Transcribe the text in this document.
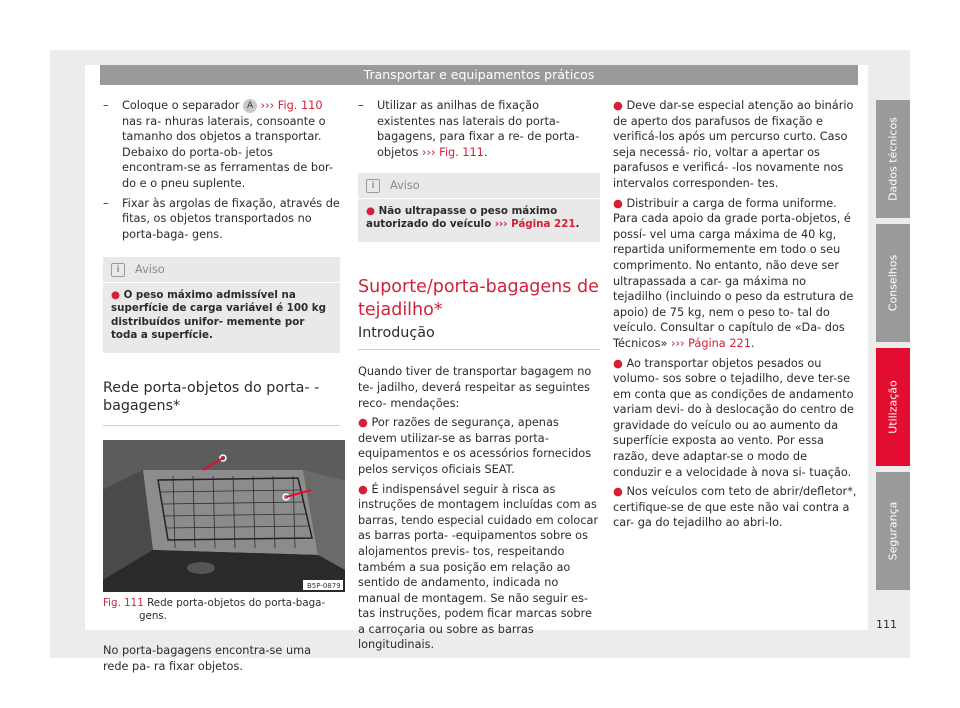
Transportar e equipamentos práticos
– Coloque o separador A ››› Fig. 110 nas ra- nhuras laterais, consoante o tamanho dos objetos a transportar. Debaixo do porta-ob- jetos encontram-se as ferramentas de bor- do e o pneu suplente.
– Fixar às argolas de fixação, através de fitas, os objetos transportados no porta-baga- gens.
i	Aviso
● O peso máximo admissível na superfície de carga variável é 100 kg distribuídos unifor- memente por toda a superfície.
Rede porta-objetos do porta- -bagagens*
B5P-0879
Fig. 111 Rede porta-objetos do porta-baga- gens.

No porta-bagagens encontra-se uma rede pa- ra fixar objetos.

– Utilizar as anilhas de fixação existentes nas laterais do porta-bagagens, para fixar a re- de porta-objetos ››› Fig. 111.
i	Aviso
● Não ultrapasse o peso máximo autorizado do veículo ››› Página 221.
Suporte/porta-bagagens de tejadilho*
Introdução

Quando tiver de transportar bagagem no te- jadilho, deverá respeitar as seguintes reco- mendações:

● Por razões de segurança, apenas devem utilizar-se as barras porta-equipamentos e os acessórios fornecidos pelos serviços oficiais SEAT.

● É indispensável seguir à risca as instruções de montagem incluídas com as barras, tendo especial cuidado em colocar as barras porta- -equipamentos sobre os alojamentos previs- tos, respeitando também a sua posição em relação ao sentido de andamento, indicada no manual de montagem. Se não seguir es- tas instruções, podem ficar marcas sobre a carroçaria ou sobre as barras longitudinais.

● Deve dar-se especial atenção ao binário de aperto dos parafusos de fixação e verificá-los após um percurso curto. Caso seja necessá- rio, voltar a apertar os parafusos e verificá- -los novamente nos intervalos corresponden- tes.

● Distribuir a carga de forma uniforme. Para cada apoio da grade porta-objetos, é possí- vel uma carga máxima de 40 kg, repartida uniformemente em todo o seu comprimento. No entanto, não deve ser ultrapassada a car- ga máxima no tejadilho (incluindo o peso da estrutura de apoio) de 75 kg, nem o peso to- tal do veículo. Consultar o capítulo de «Da- dos Técnicos» ››› Página 221.

● Ao transportar objetos pesados ou volumo- sos sobre o tejadilho, deve ter-se em conta que as condições de andamento variam devi- do à deslocação do centro de gravidade do veículo ou ao aumento da superfície exposta ao vento. Por essa razão, deve adaptar-se o modo de conduzir e a velocidade à nova si- tuação.

● Nos veículos com teto de abrir/defletor*, certifique-se de que este não vai contra a car- ga do tejadilho ao abri-lo.

Dados técnicos
Conselhos
Utilização
Segurança
111
